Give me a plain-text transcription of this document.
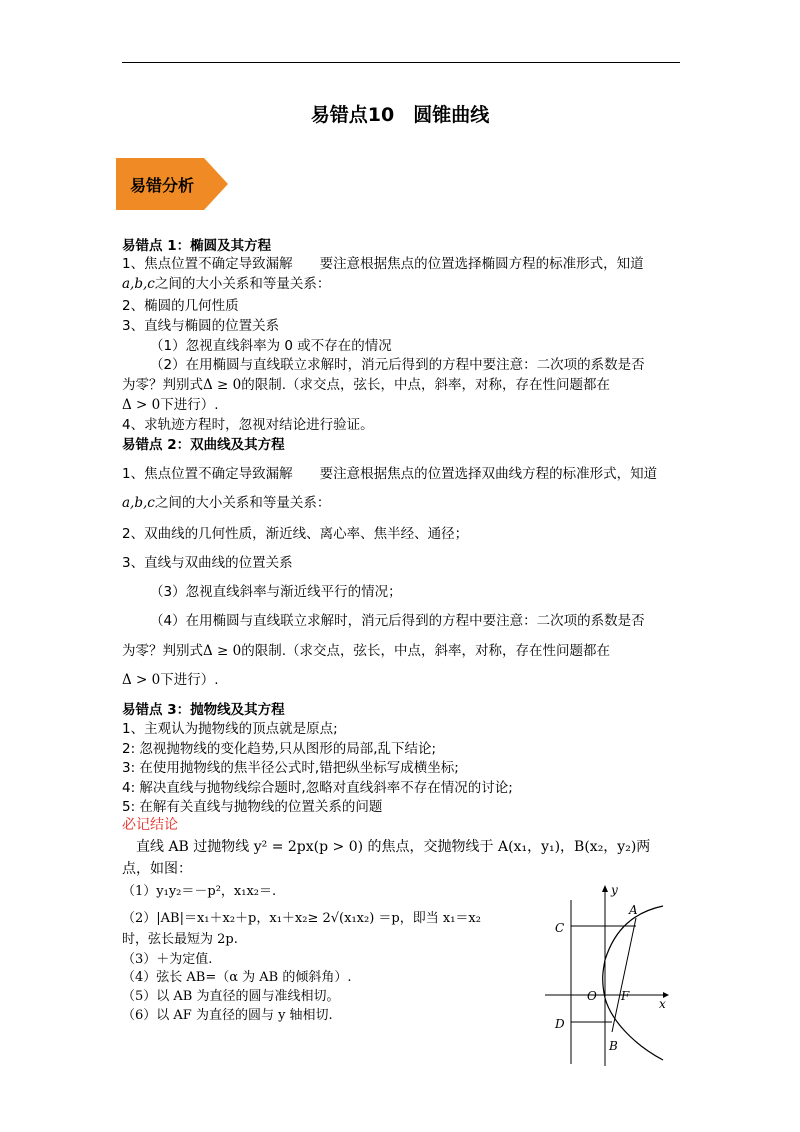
易错点10　圆锥曲线
易错分析
易错点 1：椭圆及其方程
1、焦点位置不确定导致漏解　　要注意根据焦点的位置选择椭圆方程的标准形式，知道
a,b,c之间的大小关系和等量关系：
2、椭圆的几何性质
3、直线与椭圆的位置关系
（1）忽视直线斜率为 0 或不存在的情况
（2）在用椭圆与直线联立求解时，消元后得到的方程中要注意：二次项的系数是否
为零？判别式Δ ≥ 0的限制.（求交点，弦长，中点，斜率，对称，存在性问题都在
Δ > 0下进行）.
4、求轨迹方程时，忽视对结论进行验证。
易错点 2：双曲线及其方程
1、焦点位置不确定导致漏解　　要注意根据焦点的位置选择双曲线方程的标准形式，知道
a,b,c之间的大小关系和等量关系：
2、双曲线的几何性质，渐近线、离心率、焦半经、通径；
3、直线与双曲线的位置关系
（3）忽视直线斜率与渐近线平行的情况；
（4）在用椭圆与直线联立求解时，消元后得到的方程中要注意：二次项的系数是否
为零？判别式Δ ≥ 0的限制.（求交点，弦长，中点，斜率，对称，存在性问题都在
Δ > 0下进行）.
易错点 3：抛物线及其方程
1、主观认为抛物线的顶点就是原点;
2: 忽视抛物线的变化趋势,只从图形的局部,乱下结论;
3: 在使用抛物线的焦半径公式时,错把纵坐标写成横坐标;
4: 解决直线与抛物线综合题时,忽略对直线斜率不存在情况的讨论;
5: 在解有关直线与抛物线的位置关系的问题
必记结论
　直线 AB 过抛物线 y² = 2px(p > 0) 的焦点，交抛物线于 A(x₁，y₁)，B(x₂，y₂)两
点，如图：
（1）y₁y₂＝－p²，x₁x₂＝.
（2）|AB|＝x₁＋x₂＋p，x₁＋x₂≥ 2√(x₁x₂) ＝p，即当 x₁＝x₂
时，弦长最短为 2p.
（3）＋为定值.
（4）弦长 AB=（α 为 AB 的倾斜角）.
（5）以 AB 为直径的圆与准线相切。
（6）以 AF 为直径的圆与 y 轴相切.
y
x
C
A
O F
D
B
